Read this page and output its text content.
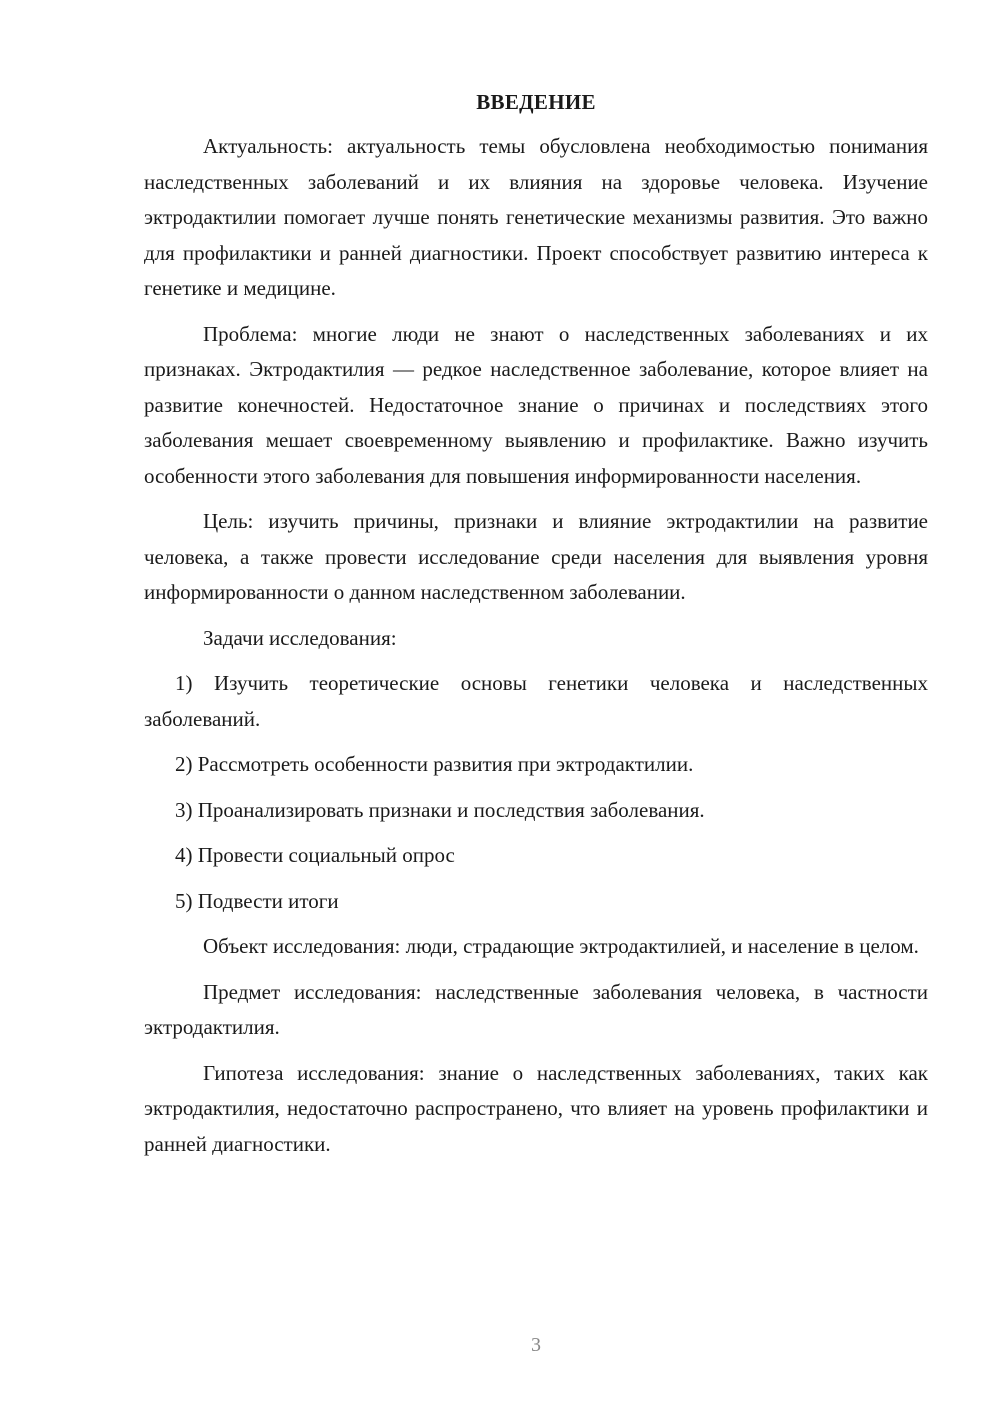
ВВЕДЕНИЕ

Актуальность: актуальность темы обусловлена необходимостью понимания наследственных заболеваний и их влияния на здоровье человека. Изучение эктродактилии помогает лучше понять генетические механизмы развития. Это важно для профилактики и ранней диагностики. Проект способствует развитию интереса к генетике и медицине.

Проблема: многие люди не знают о наследственных заболеваниях и их признаках. Эктродактилия — редкое наследственное заболевание, которое влияет на развитие конечностей. Недостаточное знание о причинах и последствиях этого заболевания мешает своевременному выявлению и профилактике. Важно изучить особенности этого заболевания для повышения информированности населения.

Цель: изучить причины, признаки и влияние эктродактилии на развитие человека, а также провести исследование среди населения для выявления уровня информированности о данном наследственном заболевании.

Задачи исследования:

1) Изучить теоретические основы генетики человека и наследственных заболеваний.
2) Рассмотреть особенности развития при эктродактилии.
3) Проанализировать признаки и последствия заболевания.
4) Провести социальный опрос
5) Подвести итоги

Объект исследования: люди, страдающие эктродактилией, и население в целом.

Предмет исследования: наследственные заболевания человека, в частности эктродактилия.

Гипотеза исследования: знание о наследственных заболеваниях, таких как эктродактилия, недостаточно распространено, что влияет на уровень профилактики и ранней диагностики.

3
